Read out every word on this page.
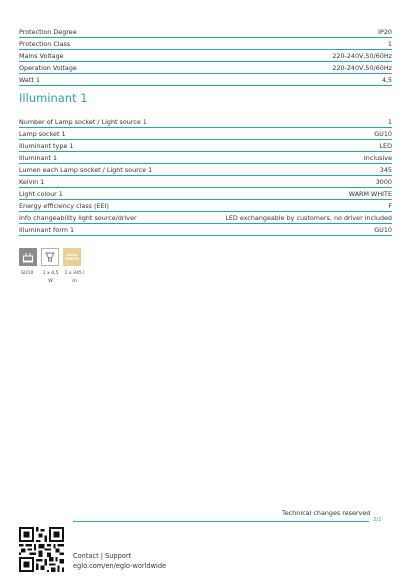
Protection Degree	IP20
Protection Class	1
Mains Voltage	220-240V,50/60Hz
Operation Voltage	220-240V,50/60Hz
Watt 1	4,5
Illuminant 1
Number of Lamp socket / Light source 1	1
Lamp socket 1	GU10
Illuminant type 1	LED
Illuminant 1	Inclusive
Lumen each Lamp socket / Light source 1	345
Kelvin 1	3000
Light colour 1	WARM WHITE
Energy efficiency class (EEI)	F
Info changeability light source/driver	LED exchangeable by customers, no driver included
Illuminant form 1	GU10
warm
WHITE
GU10	1 x 4,5 W
1 x 345 l m
Technical changes reserved
2/2
Contact | Support
eglo.com/en/eglo-worldwide
